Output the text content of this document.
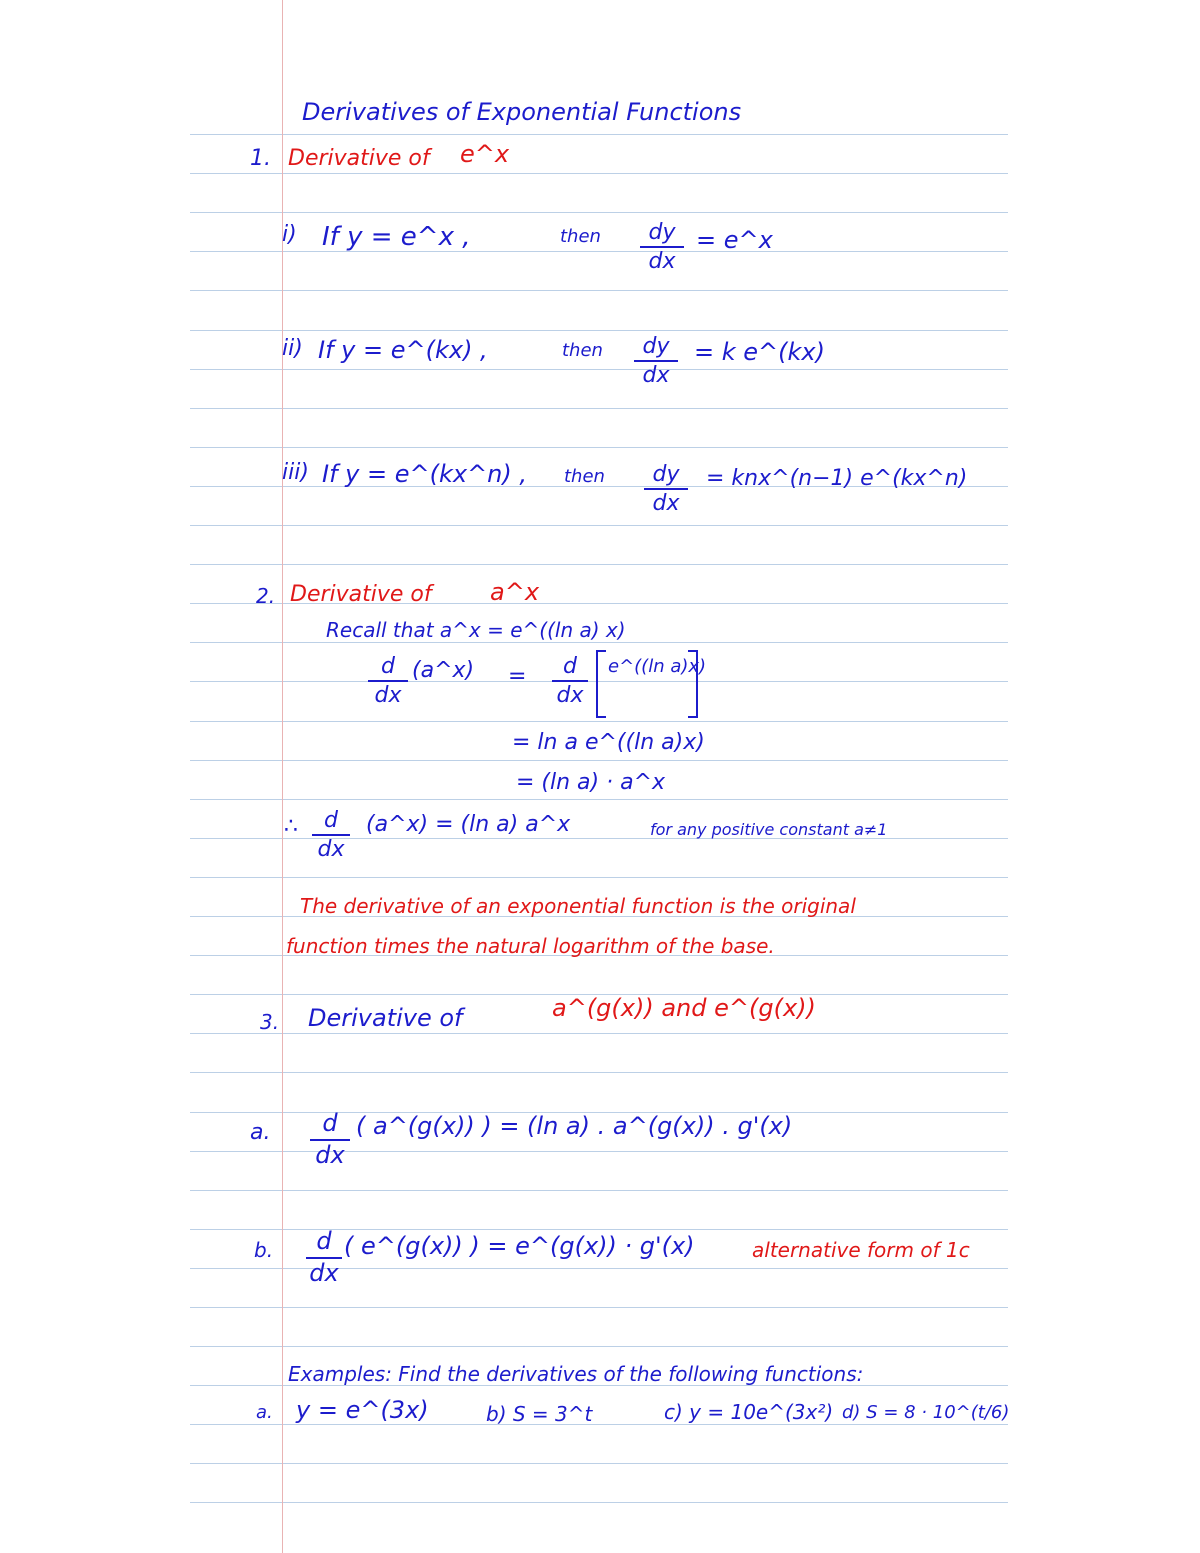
Derivatives of Exponential Functions
1. Derivative of e^x
i) If y = e^x ,	then	dy
dx
= e^x
ii) If y = e^(kx) ,	then	dy
dx
= k e^(kx)
iii) If y = e^(kx^n) , then	dy
dx
= knx^(n−1) e^(kx^n)
2. Derivative of a^x
Recall that a^x = e^((ln a) x)
d
dx
(a^x) =	d
dx
e^((ln a)x)
= ln a e^((ln a)x)
= (ln a) · a^x
∴	d
dx
(a^x) = (ln a) a^x	for any positive constant a≠1
The derivative of an exponential function is the original
function times the natural logarithm of the base.
3. Derivative of	a^(g(x)) and e^(g(x))
a.	d
dx
( a^(g(x)) ) = (ln a) . a^(g(x)) . g'(x)
b.	d
dx
( e^(g(x)) ) = e^(g(x)) · g'(x)	alternative form of 1c
Examples: Find the derivatives of the following functions:
a. y = e^(3x)	b) S = 3^t	c) y = 10e^(3x²) d) S = 8 · 10^(t/6)
